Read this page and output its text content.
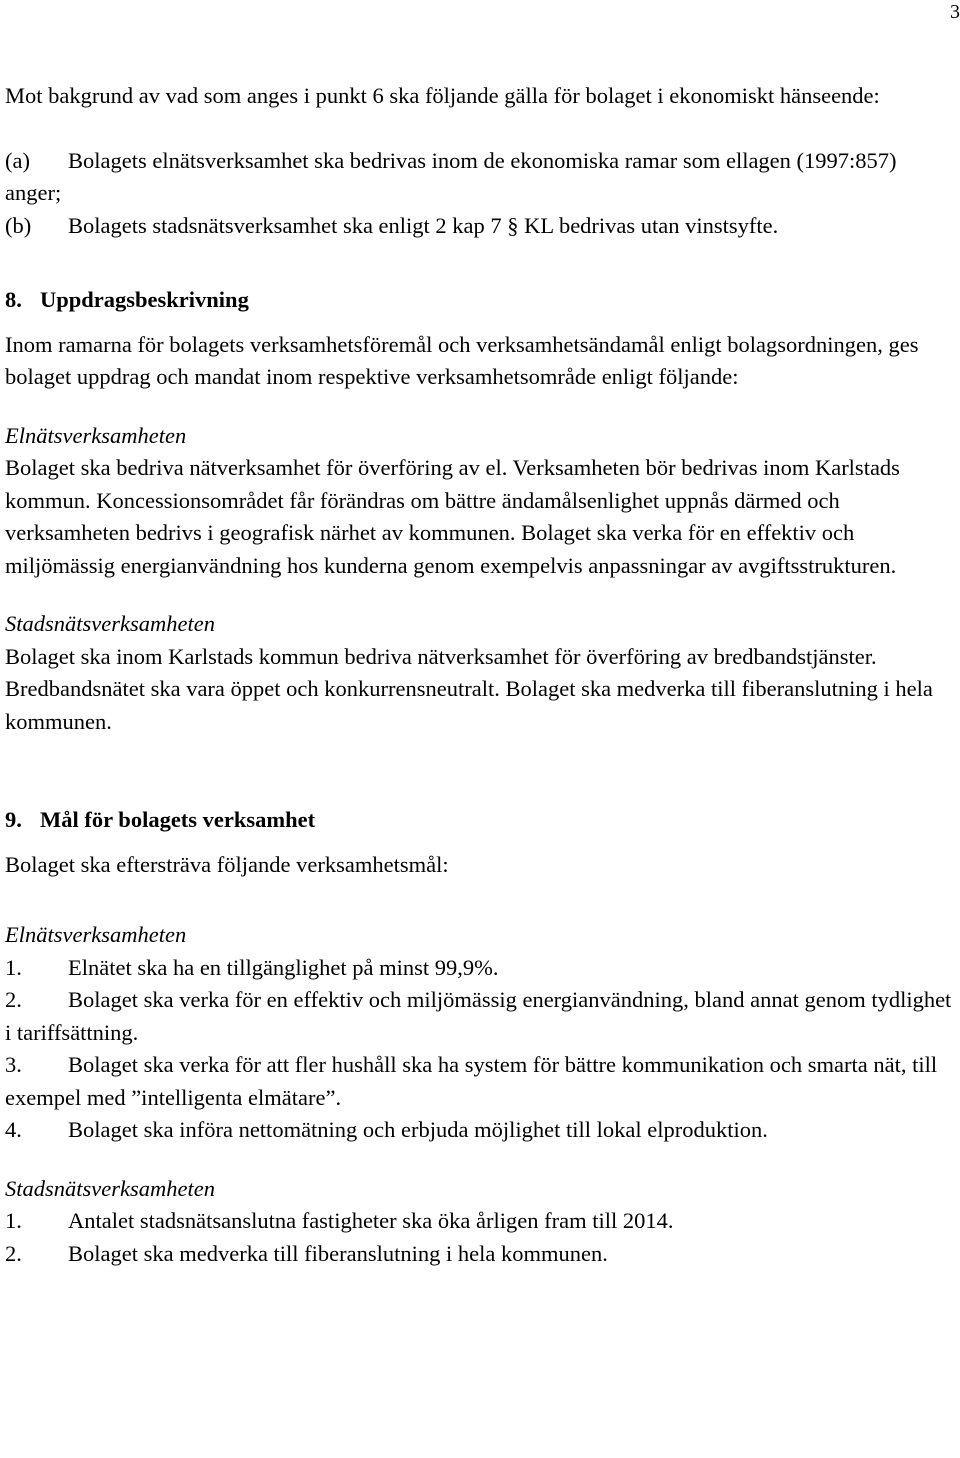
3

Mot bakgrund av vad som anges i punkt 6 ska följande gälla för bolaget i ekonomiskt hänseende:

(a) Bolagets elnätsverksamhet ska bedrivas inom de ekonomiska ramar som ellagen (1997:857) anger;
(b) Bolagets stadsnätsverksamhet ska enligt 2 kap 7 § KL bedrivas utan vinstsyfte.
8. Uppdragsbeskrivning

Inom ramarna för bolagets verksamhetsföremål och verksamhetsändamål enligt bolagsordningen, ges bolaget uppdrag och mandat inom respektive verksamhetsområde enligt följande:

Elnätsverksamheten

Bolaget ska bedriva nätverksamhet för överföring av el. Verksamheten bör bedrivas inom Karlstads kommun. Koncessionsområdet får förändras om bättre ändamålsenlighet uppnås därmed och verksamheten bedrivs i geografisk närhet av kommunen. Bolaget ska verka för en effektiv och miljömässig energianvändning hos kunderna genom exempelvis anpassningar av avgiftsstrukturen.

Stadsnätsverksamheten

Bolaget ska inom Karlstads kommun bedriva nätverksamhet för överföring av bredbandstjänster. Bredbandsnätet ska vara öppet och konkurrensneutralt. Bolaget ska medverka till fiberanslutning i hela kommunen.

9. Mål för bolagets verksamhet

Bolaget ska eftersträva följande verksamhetsmål:

Elnätsverksamheten

1. Elnätet ska ha en tillgänglighet på minst 99,9%.
2. Bolaget ska verka för en effektiv och miljömässig energianvändning, bland annat genom tydlighet i tariffsättning.
3. Bolaget ska verka för att fler hushåll ska ha system för bättre kommunikation och smarta nät, till exempel med ”intelligenta elmätare”.
4. Bolaget ska införa nettomätning och erbjuda möjlighet till lokal elproduktion.

Stadsnätsverksamheten

1. Antalet stadsnätsanslutna fastigheter ska öka årligen fram till 2014.
2. Bolaget ska medverka till fiberanslutning i hela kommunen.
